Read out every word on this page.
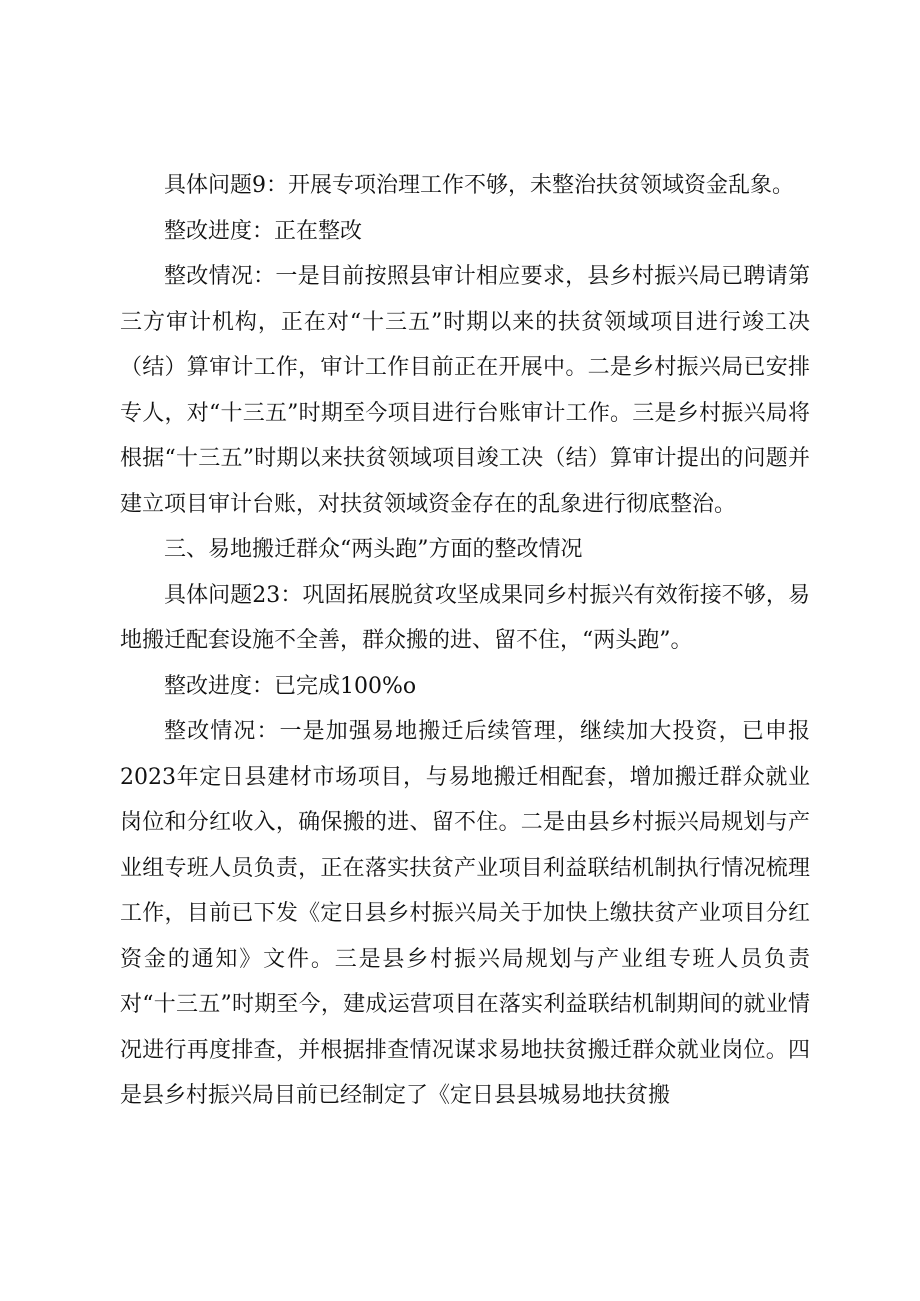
具体问题9：开展专项治理工作不够，未整治扶贫领域资金乱象。

整改进度：正在整改

整改情况：一是目前按照县审计相应要求，县乡村振兴局已聘请第三方审计机构，正在对“十三五”时期以来的扶贫领域项目进行竣工决（结）算审计工作，审计工作目前正在开展中。二是乡村振兴局已安排专人，对“十三五”时期至今项目进行台账审计工作。三是乡村振兴局将根据“十三五”时期以来扶贫领域项目竣工决（结）算审计提出的问题并建立项目审计台账，对扶贫领域资金存在的乱象进行彻底整治。

三、易地搬迁群众“两头跑”方面的整改情况

具体问题23：巩固拓展脱贫攻坚成果同乡村振兴有效衔接不够，易地搬迁配套设施不全善，群众搬的进、留不住，“两头跑”。

整改进度：已完成100%o

整改情况：一是加强易地搬迁后续管理，继续加大投资，已申报2023年定日县建材市场项目，与易地搬迁相配套，增加搬迁群众就业岗位和分红收入，确保搬的进、留不住。二是由县乡村振兴局规划与产业组专班人员负责，正在落实扶贫产业项目利益联结机制执行情况梳理工作，目前已下发《定日县乡村振兴局关于加快上缴扶贫产业项目分红资金的通知》文件。三是县乡村振兴局规划与产业组专班人员负责对“十三五”时期至今，建成运营项目在落实利益联结机制期间的就业情况进行再度排查，并根据排查情况谋求易地扶贫搬迁群众就业岗位。四是县乡村振兴局目前已经制定了《定日县县城易地扶贫搬
